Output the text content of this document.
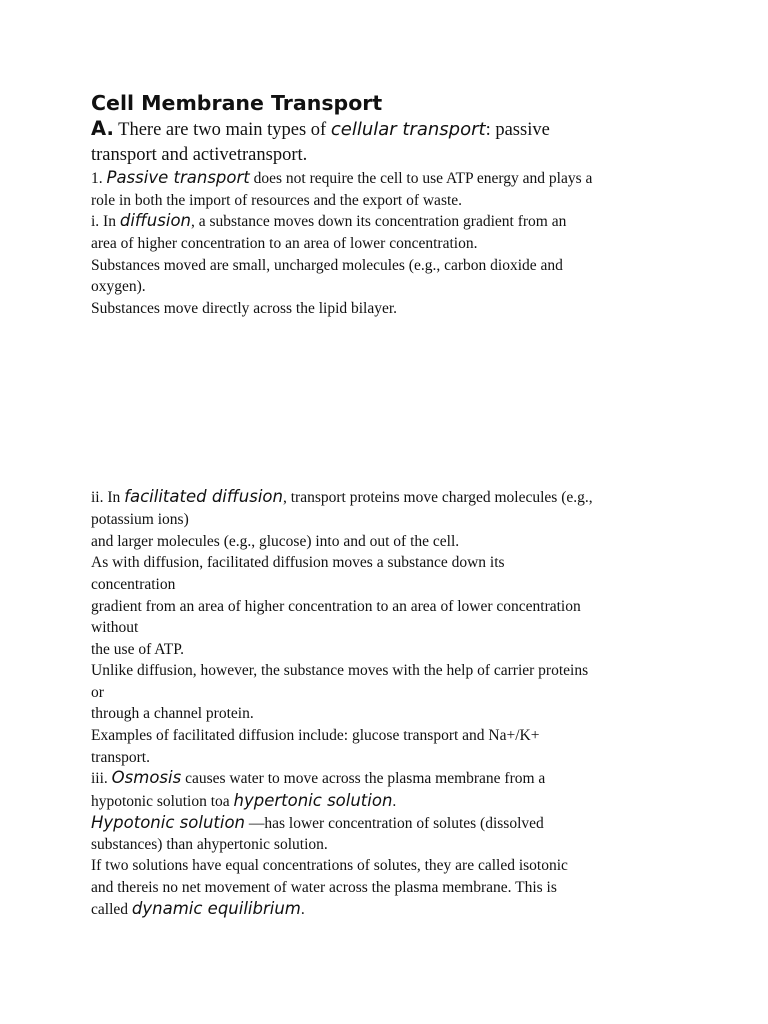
Cell Membrane Transport
A. There are two main types of cellular transport: passive
transport and activetransport.
1. Passive transport does not require the cell to use ATP energy and plays a
role in both the import of resources and the export of waste.
i. In diffusion, a substance moves down its concentration gradient from an
area of higher concentration to an area of lower concentration.
Substances moved are small, uncharged molecules (e.g., carbon dioxide and
oxygen).
Substances move directly across the lipid bilayer.
ii. In facilitated diffusion, transport proteins move charged molecules (e.g.,
potassium ions)
and larger molecules (e.g., glucose) into and out of the cell.
As with diffusion, facilitated diffusion moves a substance down its
concentration
gradient from an area of higher concentration to an area of lower concentration
without
the use of ATP.
Unlike diffusion, however, the substance moves with the help of carrier proteins
or
through a channel protein.
Examples of facilitated diffusion include: glucose transport and Na+/K+
transport.
iii. Osmosis causes water to move across the plasma membrane from a
hypotonic solution toa hypertonic solution.
Hypotonic solution —has lower concentration of solutes (dissolved
substances) than ahypertonic solution.
If two solutions have equal concentrations of solutes, they are called isotonic
and thereis no net movement of water across the plasma membrane. This is
called dynamic equilibrium.
